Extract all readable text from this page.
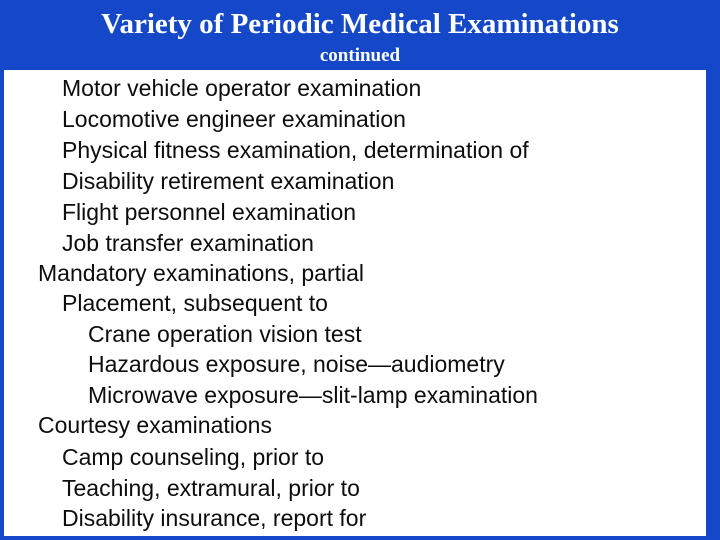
Variety of Periodic Medical Examinations
continued
Motor vehicle operator examination
Locomotive engineer examination
Physical fitness examination, determination of
Disability retirement examination
Flight personnel examination
Job transfer examination
Mandatory examinations, partial
Placement, subsequent to
Crane operation vision test
Hazardous exposure, noise—audiometry
Microwave exposure—slit-lamp examination
Courtesy examinations
Camp counseling, prior to
Teaching, extramural, prior to
Disability insurance, report for
